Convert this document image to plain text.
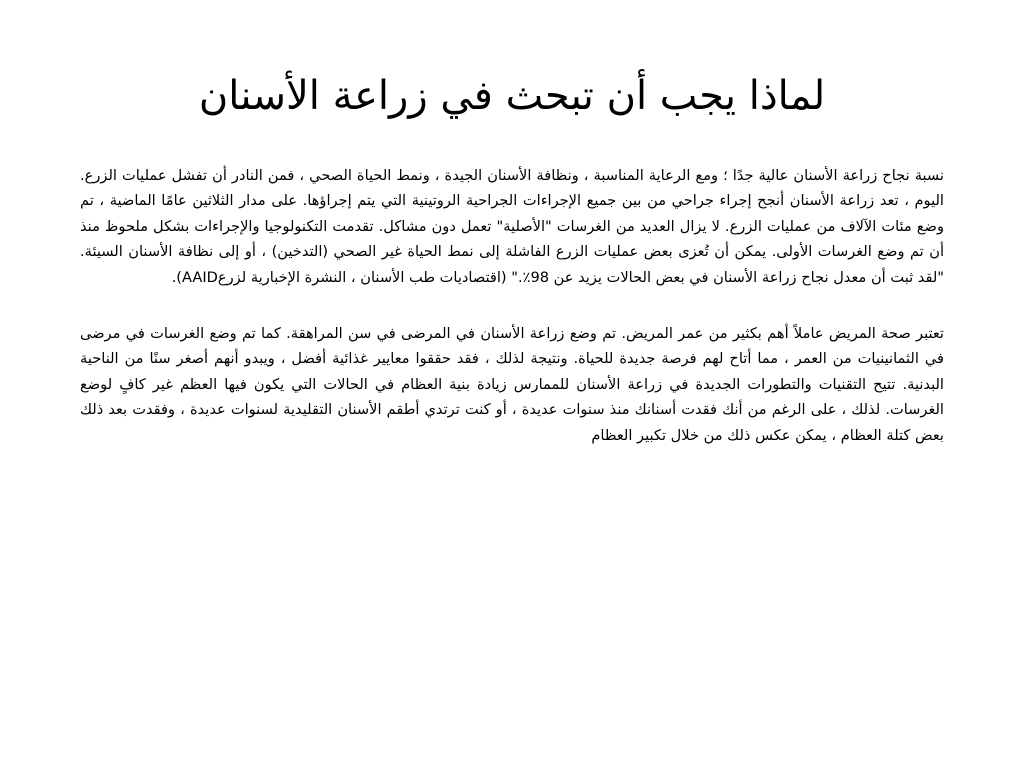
لماذا يجب أن تبحث في زراعة الأسنان

نسبة نجاح زراعة الأسنان عالية جدًا ؛ ومع الرعاية المناسبة ، ونظافة الأسنان الجيدة ، ونمط الحياة الصحي ، فمن النادر أن تفشل عمليات الزرع. اليوم ، تعد زراعة الأسنان أنجح إجراء جراحي من بين جميع الإجراءات الجراحية الروتينية التي يتم إجراؤها. على مدار الثلاثين عامًا الماضية ، تم وضع مئات الآلاف من عمليات الزرع. لا يزال العديد من الغرسات "الأصلية" تعمل دون مشاكل. تقدمت التكنولوجيا والإجراءات بشكل ملحوظ منذ أن تم وضع الغرسات الأولى. يمكن أن تُعزى بعض عمليات الزرع الفاشلة إلى نمط الحياة غير الصحي (التدخين) ، أو إلى نظافة الأسنان السيئة. "لقد ثبت أن معدل نجاح زراعة الأسنان في بعض الحالات يزيد عن 98٪." (اقتصاديات طب الأسنان ، النشرة الإخبارية لزرعAAID).

تعتبر صحة المريض عاملاً أهم بكثير من عمر المريض. تم وضع زراعة الأسنان في المرضى في سن المراهقة. كما تم وضع الغرسات في مرضى في الثمانينيات من العمر ، مما أتاح لهم فرصة جديدة للحياة. ونتيجة لذلك ، فقد حققوا معايير غذائية أفضل ، ويبدو أنهم أصغر سنًا من الناحية البدنية. تتيح التقنيات والتطورات الجديدة في زراعة الأسنان للممارس زيادة بنية العظام في الحالات التي يكون فيها العظم غير كافٍ لوضع الغرسات. لذلك ، على الرغم من أنك فقدت أسنانك منذ سنوات عديدة ، أو كنت ترتدي أطقم الأسنان التقليدية لسنوات عديدة ، وفقدت بعد ذلك بعض كتلة العظام ، يمكن عكس ذلك من خلال تكبير العظام
